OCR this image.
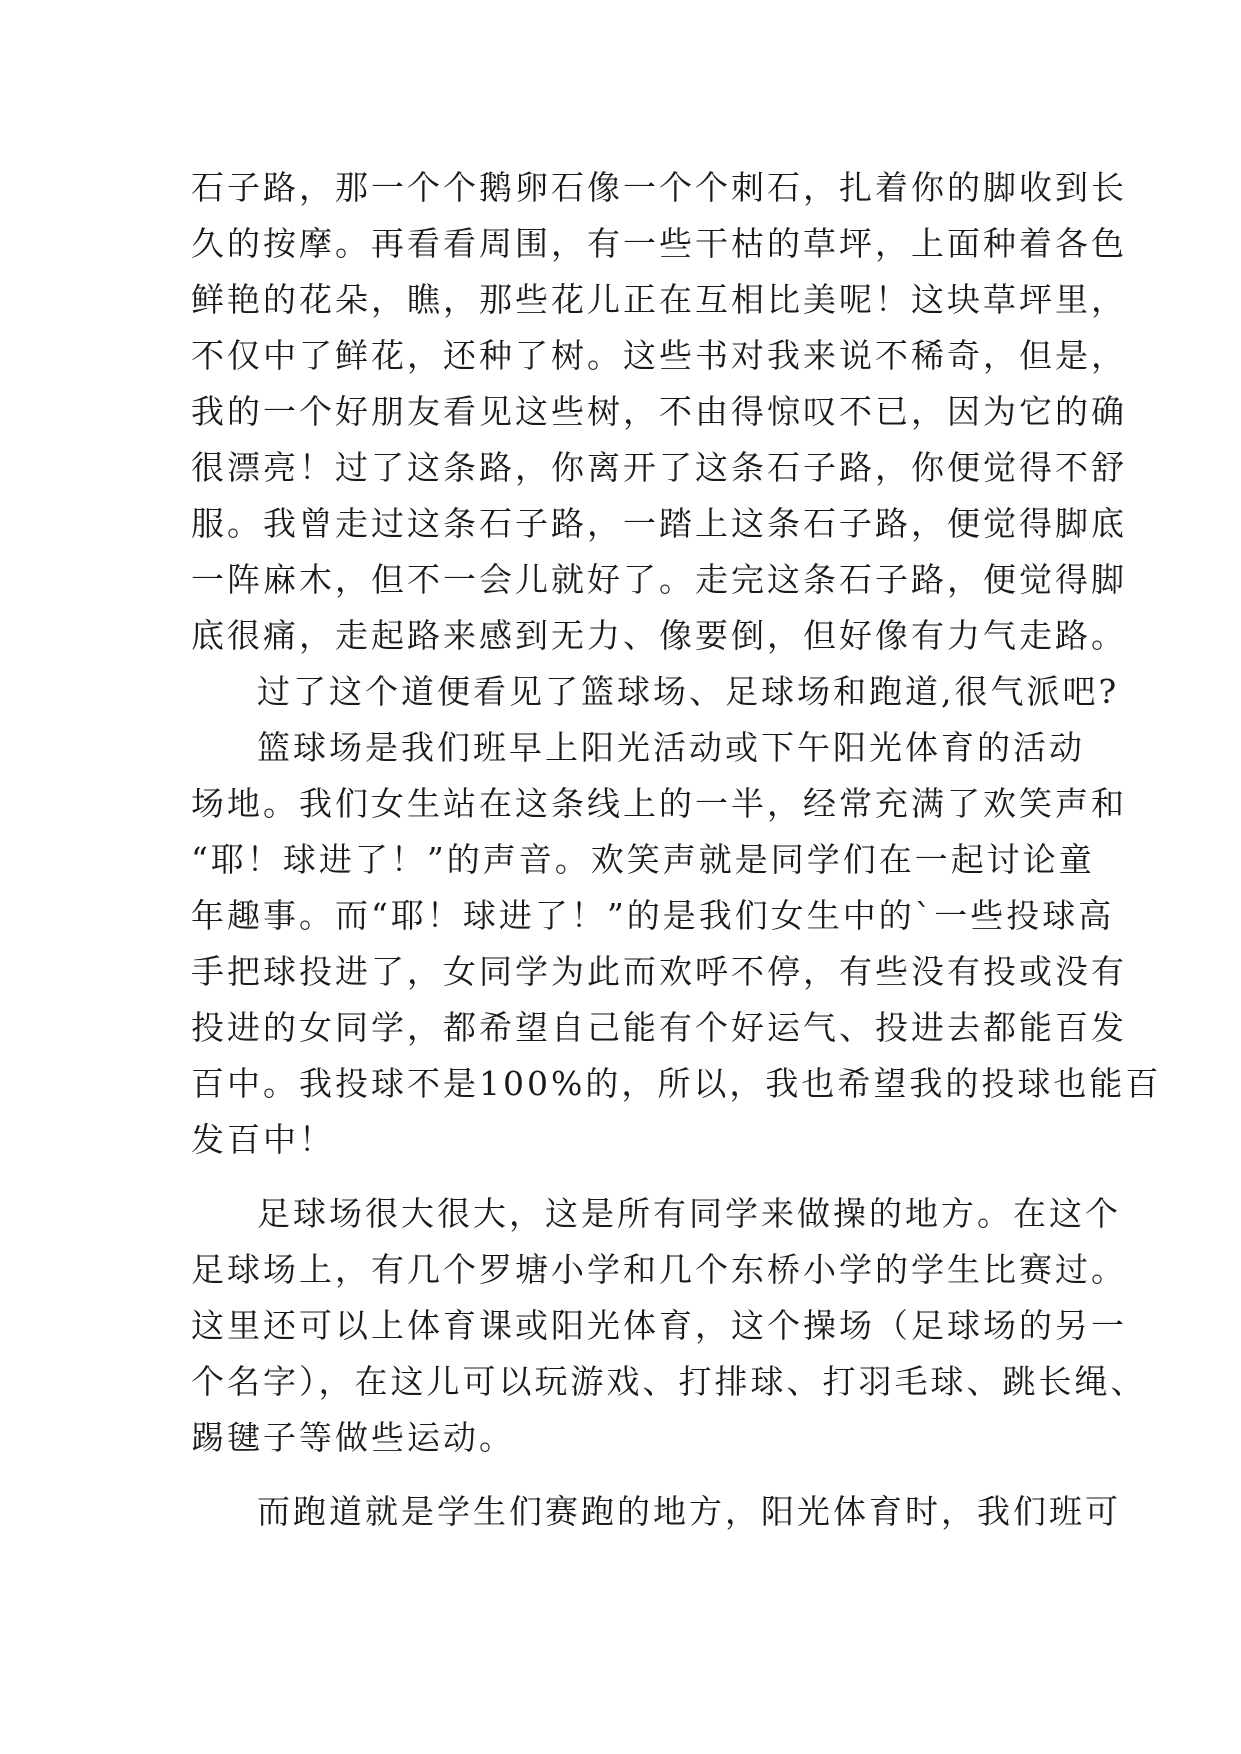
石子路，那一个个鹅卵石像一个个刺石，扎着你的脚收到长
久的按摩。再看看周围，有一些干枯的草坪，上面种着各色
鲜艳的花朵，瞧，那些花儿正在互相比美呢！这块草坪里，
不仅中了鲜花，还种了树。这些书对我来说不稀奇，但是，
我的一个好朋友看见这些树，不由得惊叹不已，因为它的确
很漂亮！过了这条路，你离开了这条石子路，你便觉得不舒
服。我曾走过这条石子路，一踏上这条石子路，便觉得脚底
一阵麻木，但不一会儿就好了。走完这条石子路，便觉得脚
底很痛，走起路来感到无力、像要倒，但好像有力气走路。
过了这个道便看见了篮球场、足球场和跑道,很气派吧?
篮球场是我们班早上阳光活动或下午阳光体育的活动
场地。我们女生站在这条线上的一半，经常充满了欢笑声和
“耶！球进了！”的声音。欢笑声就是同学们在一起讨论童
年趣事。而“耶！球进了！”的是我们女生中的`一些投球高
手把球投进了，女同学为此而欢呼不停，有些没有投或没有
投进的女同学，都希望自己能有个好运气、投进去都能百发
百中。我投球不是100%的，所以，我也希望我的投球也能百
发百中！
足球场很大很大，这是所有同学来做操的地方。在这个
足球场上，有几个罗塘小学和几个东桥小学的学生比赛过。
这里还可以上体育课或阳光体育，这个操场（足球场的另一
个名字），在这儿可以玩游戏、打排球、打羽毛球、跳长绳、
踢毽子等做些运动。
而跑道就是学生们赛跑的地方，阳光体育时，我们班可
